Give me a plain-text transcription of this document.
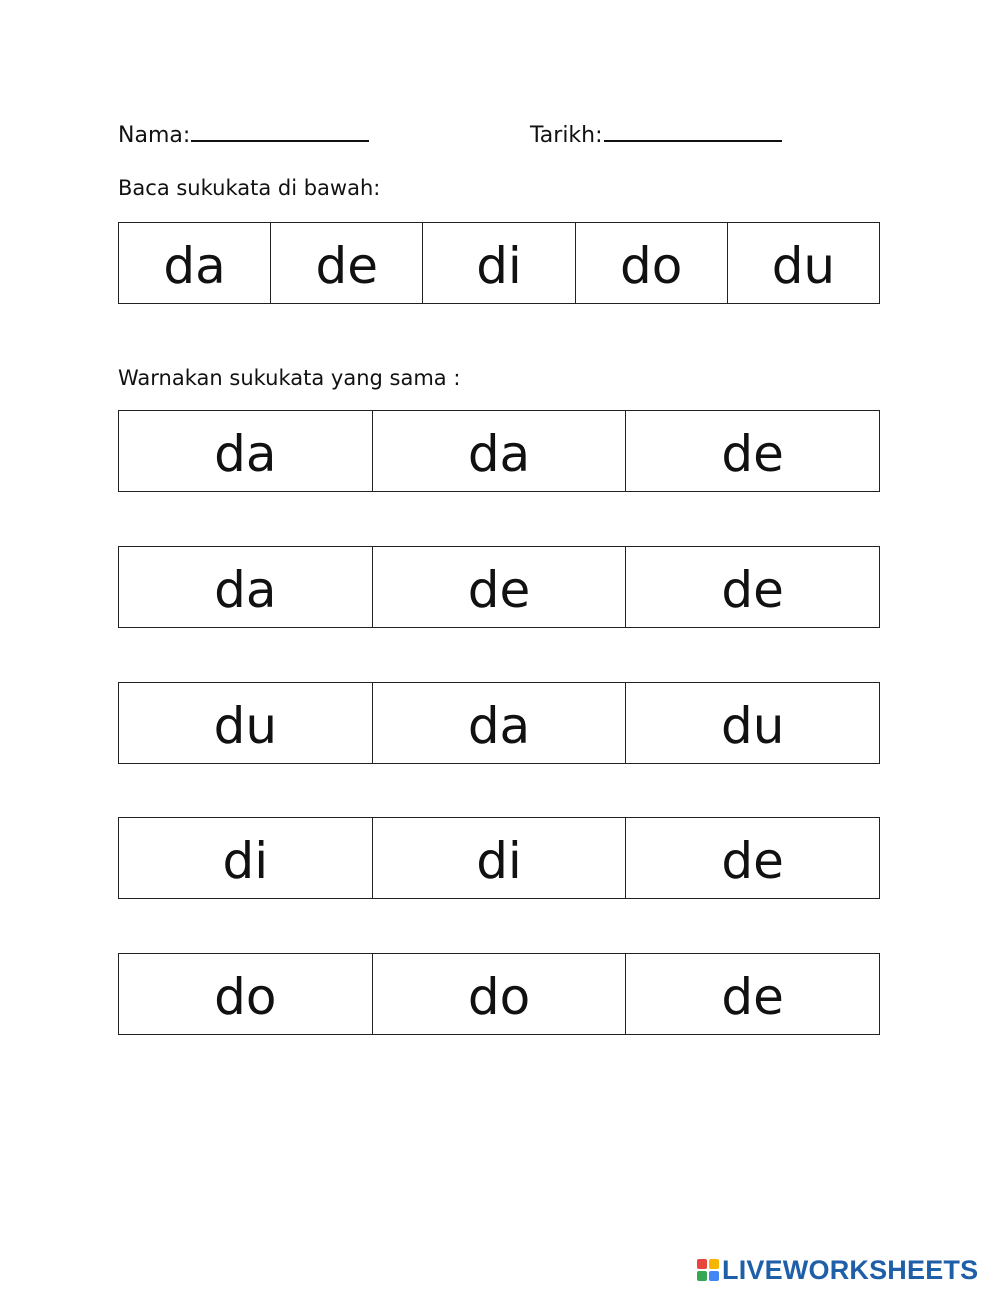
Nama:	Tarikh:
Baca sukukata di bawah:
da	de	di	do	du
Warnakan sukukata yang sama :
da	da	de
da	de	de
du	da	du
di	di	de
do	do	de
LIVEWORKSHEETS
